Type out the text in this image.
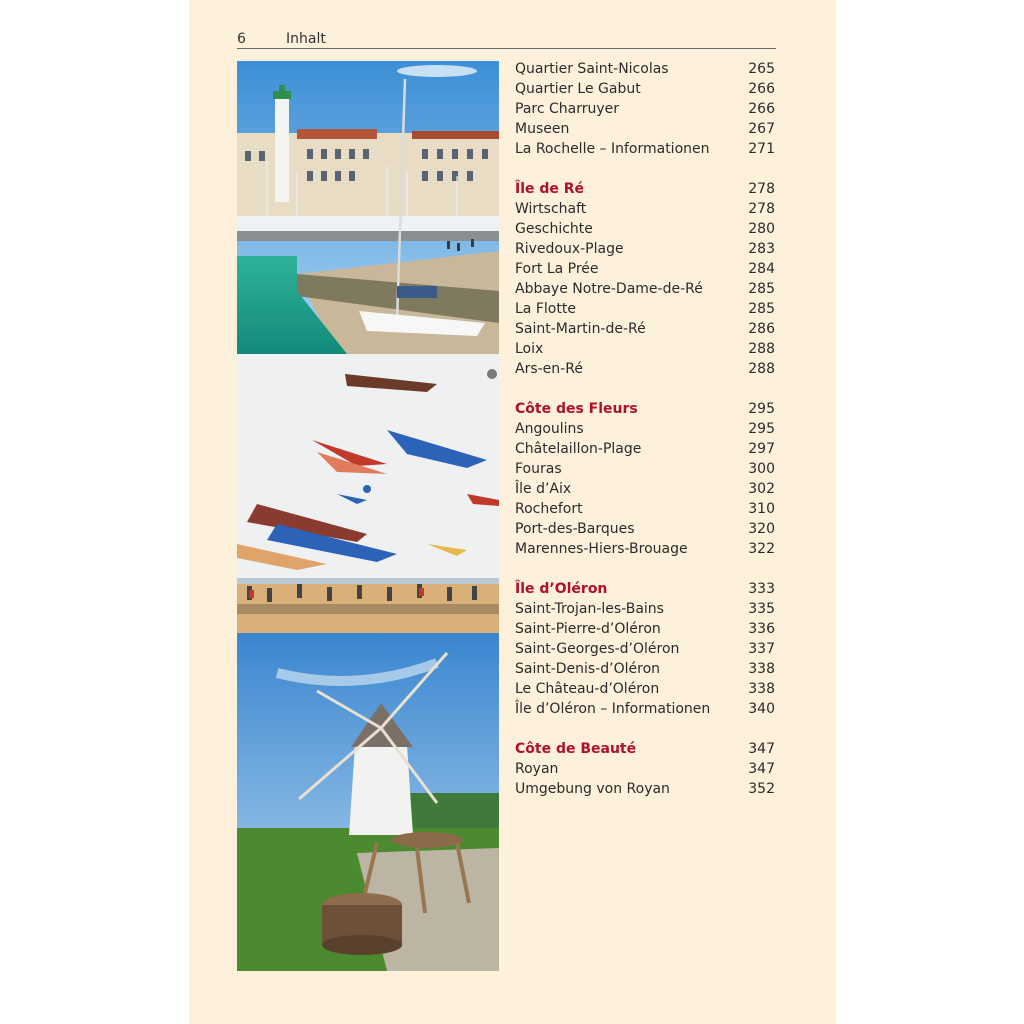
6	Inhalt
Quartier Saint-Nicolas	265
Quartier Le Gabut	266
Parc Charruyer	266
Museen	267
La Rochelle – Informationen	271
Île de Ré	278
Wirtschaft	278
Geschichte	280
Rivedoux-Plage	283
Fort La Prée	284
Abbaye Notre-Dame-de-Ré	285
La Flotte	285
Saint-Martin-de-Ré	286
Loix	288
Ars-en-Ré	288
Côte des Fleurs	295
Angoulins	295
Châtelaillon-Plage	297
Fouras	300
Île d’Aix	302
Rochefort	310
Port-des-Barques	320
Marennes-Hiers-Brouage	322
Île d’Oléron	333
Saint-Trojan-les-Bains	335
Saint-Pierre-d’Oléron	336
Saint-Georges-d’Oléron	337
Saint-Denis-d’Oléron	338
Le Château-d’Oléron	338
Île d’Oléron – Informationen	340
Côte de Beauté	347
Royan	347
Umgebung von Royan	352
